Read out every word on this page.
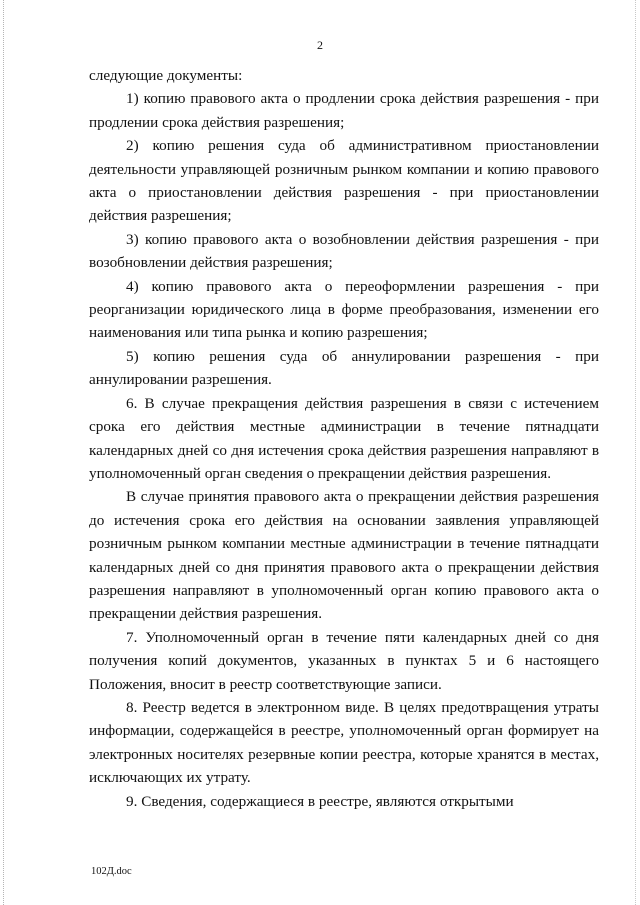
2

следующие документы:

1) копию правового акта о продлении срока действия разрешения - при продлении срока действия разрешения;

2) копию решения суда об административном приостановлении деятельности управляющей розничным рынком компании и копию правового акта о приостановлении действия разрешения - при приостановлении действия разрешения;

3) копию правового акта о возобновлении действия разрешения - при возобновлении действия разрешения;

4) копию правового акта о переоформлении разрешения - при реорганизации юридического лица в форме преобразования, изменении его наименования или типа рынка и копию разрешения;

5) копию решения суда об аннулировании разрешения - при аннулировании разрешения.

6. В случае прекращения действия разрешения в связи с истечением срока его действия местные администрации в течение пятнадцати календарных дней со дня истечения срока действия разрешения направляют в уполномоченный орган сведения о прекращении действия разрешения.

В случае принятия правового акта о прекращении действия разрешения до истечения срока его действия на основании заявления управляющей розничным рынком компании местные администрации в течение пятнадцати календарных дней со дня принятия правового акта о прекращении действия разрешения направляют в уполномоченный орган копию правового акта о прекращении действия разрешения.

7. Уполномоченный орган в течение пяти календарных дней со дня получения копий документов, указанных в пунктах 5 и 6 настоящего Положения, вносит в реестр соответствующие записи.

8. Реестр ведется в электронном виде. В целях предотвращения утраты информации, содержащейся в реестре, уполномоченный орган формирует на электронных носителях резервные копии реестра, которые хранятся в местах, исключающих их утрату.

9. Сведения, содержащиеся в реестре, являются открытыми

102Д.doc
